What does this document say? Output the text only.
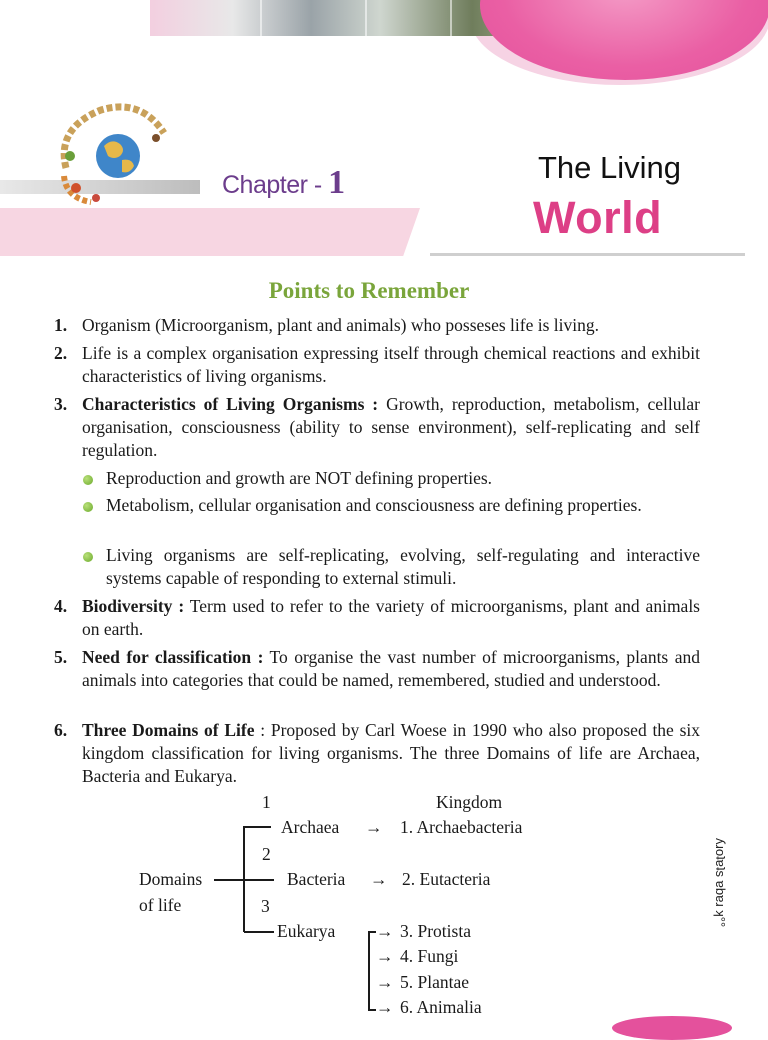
Chapter - 1	The Living
World
Points to Remember
1. Organism (Microorganism, plant and animals) who posseses life is living.
2. Life is a complex organisation expressing itself through chemical reactions and exhibit characteristics of living organisms.
3. Characteristics of Living Organisms : Growth, reproduction, metabolism, cellular organisation, consciousness (ability to sense environment), self-replicating and self regulation.
Reproduction and growth are NOT defining properties.
Metabolism, cellular organisation and consciousness are defining properties.
Living organisms are self-replicating, evolving, self-regulating and interactive systems capable of responding to external stimuli.
4. Biodiversity : Term used to refer to the variety of microorganisms, plant and animals on earth.
5. Need for classification : To organise the vast number of microorganisms, plants and animals into categories that could be named, remembered, studied and understood.
6. Three Domains of Life : Proposed by Carl Woese in 1990 who also proposed the six kingdom classification for living organisms. The three Domains of life are Archaea, Bacteria and Eukarya.
1	Kingdom
Archaea → 1. Archaebacteria
2
Domains
of life
Bacteria → 2. Eutacteria
3
Eukarya → 3. Protista
→ 4. Fungi
→ 5. Plantae
→ 6. Animalia
ʎɹoʇɐʇs ɐbɐɹ ʞ°°
